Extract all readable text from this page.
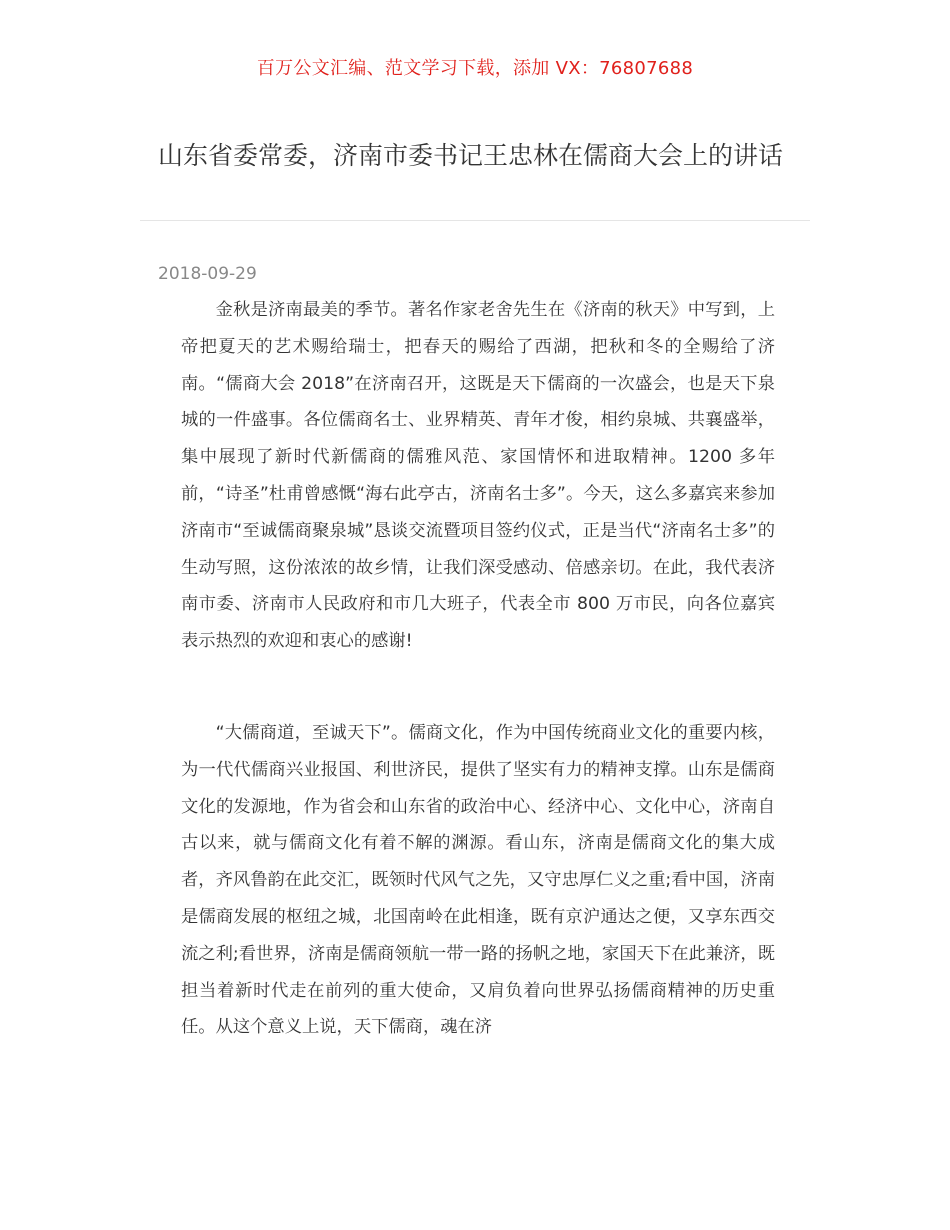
百万公文汇编、范文学习下载，添加 VX：76807688
山东省委常委，济南市委书记王忠林在儒商大会上的讲话
2018-09-29

金秋是济南最美的季节。著名作家老舍先生在《济南的秋天》中写到，上帝把夏天的艺术赐给瑞士，把春天的赐给了西湖，把秋和冬的全赐给了济南。“儒商大会 2018”在济南召开，这既是天下儒商的一次盛会，也是天下泉城的一件盛事。各位儒商名士、业界精英、青年才俊，相约泉城、共襄盛举，集中展现了新时代新儒商的儒雅风范、家国情怀和进取精神。1200 多年前，“诗圣”杜甫曾感慨“海右此亭古，济南名士多”。今天，这么多嘉宾来参加济南市“至诚儒商聚泉城”恳谈交流暨项目签约仪式，正是当代“济南名士多”的生动写照，这份浓浓的故乡情，让我们深受感动、倍感亲切。在此，我代表济南市委、济南市人民政府和市几大班子，代表全市 800 万市民，向各位嘉宾表示热烈的欢迎和衷心的感谢!

“大儒商道，至诚天下”。儒商文化，作为中国传统商业文化的重要内核，为一代代儒商兴业报国、利世济民，提供了坚实有力的精神支撑。山东是儒商文化的发源地，作为省会和山东省的政治中心、经济中心、文化中心，济南自古以来，就与儒商文化有着不解的渊源。看山东，济南是儒商文化的集大成者，齐风鲁韵在此交汇，既领时代风气之先，又守忠厚仁义之重;看中国，济南是儒商发展的枢纽之城，北国南岭在此相逢，既有京沪通达之便，又享东西交流之利;看世界，济南是儒商领航一带一路的扬帆之地，家国天下在此兼济，既担当着新时代走在前列的重大使命，又肩负着向世界弘扬儒商精神的历史重任。从这个意义上说，天下儒商，魂在济
